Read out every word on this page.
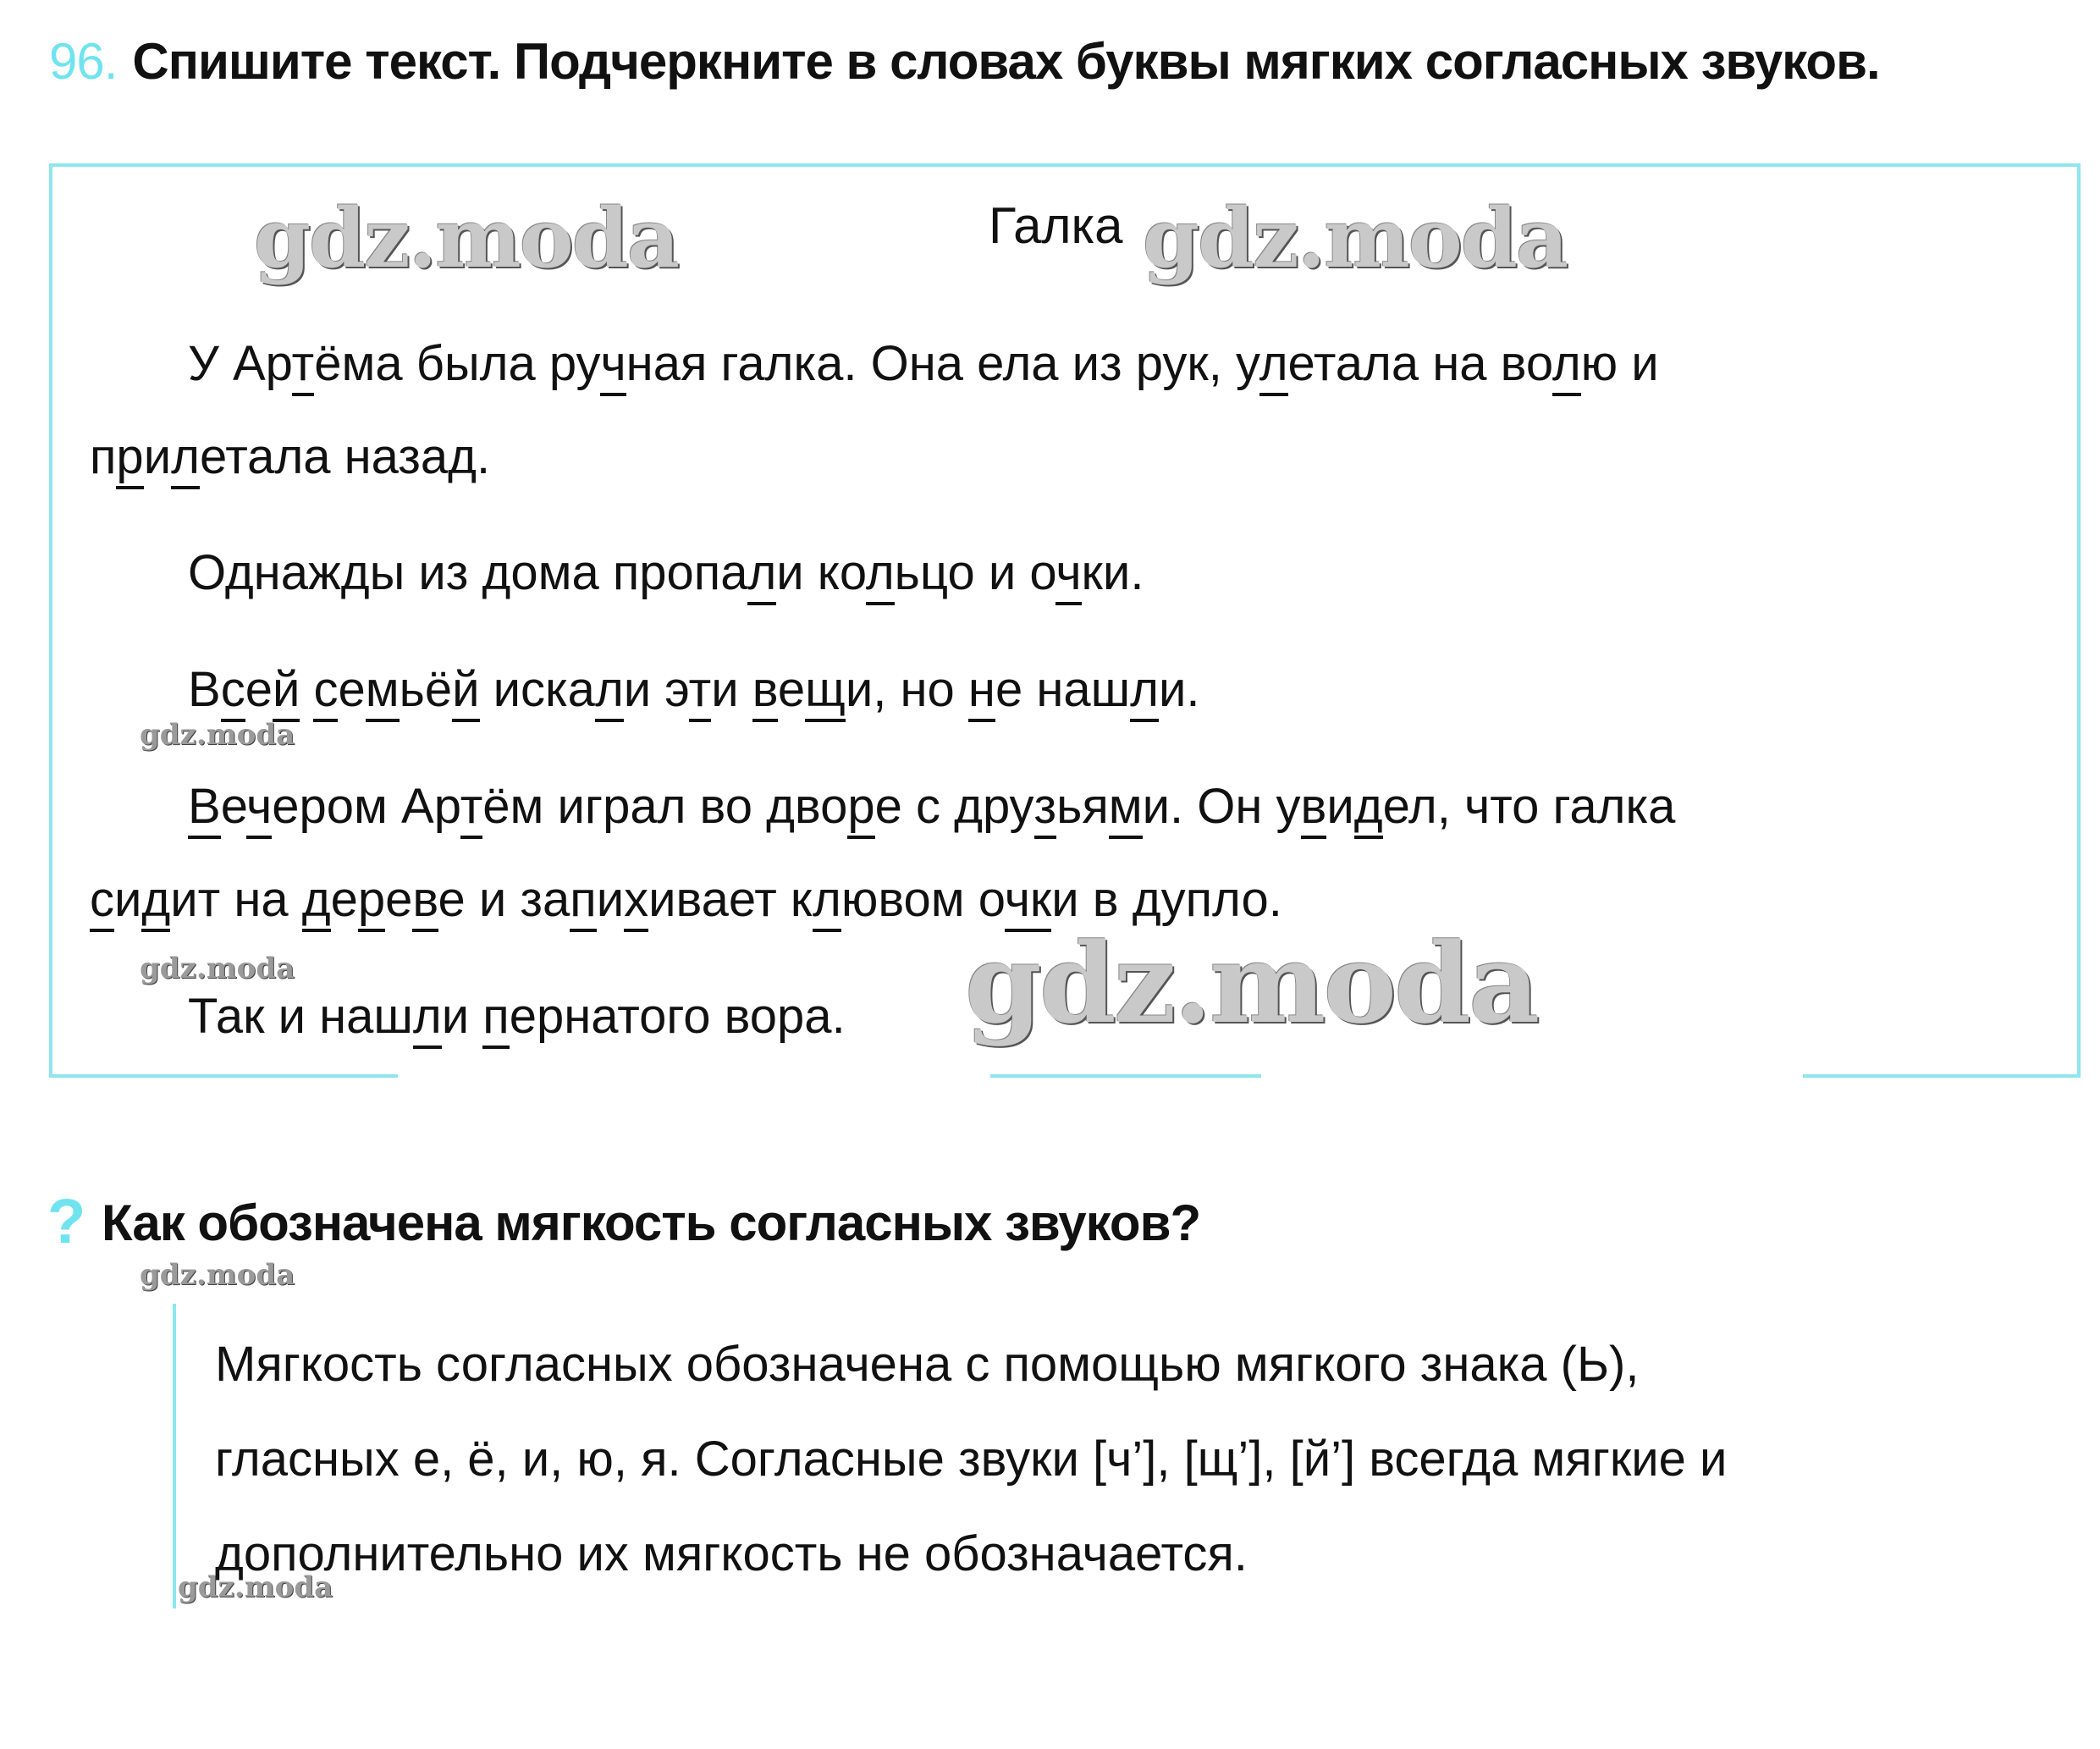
96. Спишите текст. Подчеркните в словах буквы мягких согласных звуков.
Галка
У Артёма была ручная галка. Она ела из рук, улетала на волю и
прилетала назад.
Однажды из дома пропали кольцо и очки.
Всей семьёй искали эти вещи, но не нашли.
Вечером Артём играл во дворе с друзьями. Он увидел, что галка
сидит на дереве и запихивает клювом очки в дупло.
Так и нашли пернатого вора.
? Как обозначена мягкость согласных звуков?
Мягкость согласных обозначена с помощью мягкого знака (Ь),
гласных е, ё, и, ю, я. Согласные звуки [ч’], [щ’], [й’] всегда мягкие и
дополнительно их мягкость не обозначается.
gdz.moda	gdz.moda
gdz.moda
gdz.moda
gdz.moda
gdz.moda
gdz.moda
